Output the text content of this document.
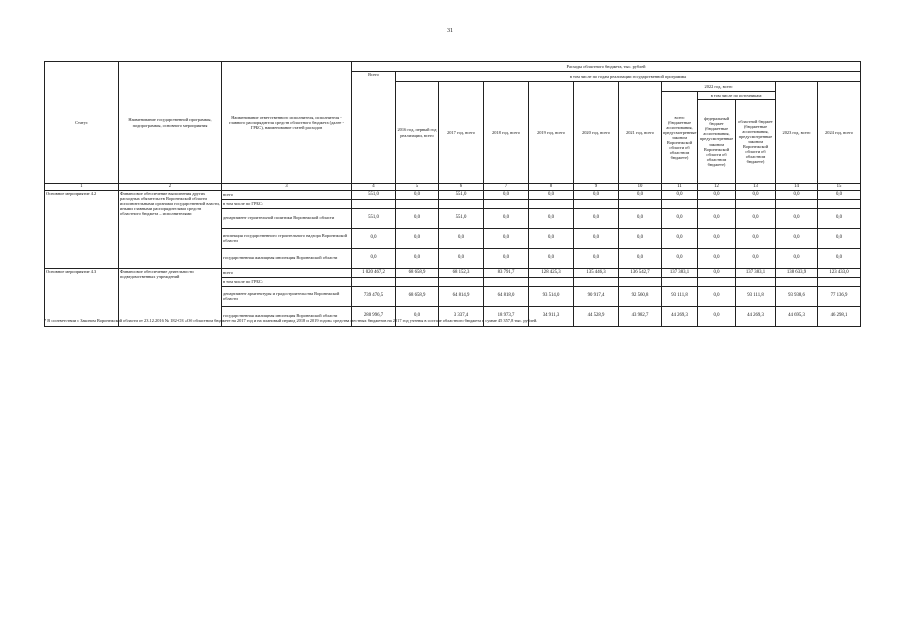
31
Статус	Наименование государственной программы, подпрограммы, основного мероприятия	Наименование ответственного исполнителя, исполнителя - главного распорядителя средств областного бюджета (далее - ГРБС), наименование статей расходов	Расходы областного бюджета, тыс. рублей											
			Всего	в том числе по годам реализации государственной программы										
				2016 год, первый год реализации, всего	2017 год, всего	2018 год, всего	2019 год, всего	2020 год, всего	2021 год, всего	2022 год, всего			2023 год, всего	2024 год, всего
										всего (бюджетные ассигнования, предусмотренные законом Воронежской области об областном бюджете)	в том числе по источникам:			
											федеральный бюджет (бюджетные ассигнования, предусмотренные законом Воронежской области об областном бюджете)	областной бюджет (бюджетные ассигнования, предусмотренные законом Воронежской области об областном бюджете)		
1	2	3	4	5	6	7	8	9	10	11	12	13	14	15
Основное мероприятие 4.2	Финансовое обеспечение выполнения других расходных обязательств Воронежской области исполнительными органами государственной власти, иными главными распорядителями средств областного бюджета – исполнителями	всего	551,0	0,0	551,0	0,0	0,0	0,0	0,0	0,0	0,0	0,0	0,0	0,0
		в том числе по ГРБС:												
		департамент строительной политики Воронежской области	551,0	0,0	551,0	0,0	0,0	0,0	0,0	0,0	0,0	0,0	0,0	0,0
		инспекция государственного строительного надзора Воронежской области	0,0	0,0	0,0	0,0	0,0	0,0	0,0	0,0	0,0	0,0	0,0	0,0
		государственная жилищная инспекция Воронежской области	0,0	0,0	0,0	0,0	0,0	0,0	0,0	0,0	0,0	0,0	0,0	0,0
Основное мероприятие 4.3	Финансовое обеспечение деятельности подведомственных учреждений	всего	1 020 467,2	68 658,9	68 152,3	83 791,7	128 425,3	135 446,3	136 542,7	137 383,1	0,0	137 383,1	138 633,9	123 433,0
		в том числе по ГРБС:												
		департамент архитектуры и градостроительства Воронежской области	739 470,5	68 658,9	64 814,9	64 818,0	93 514,0	90 917,4	92 560,8	93 111,8	0,0	93 111,8	93 938,6	77 136,9
		государственная жилищная инспекция Воронежской области	280 996,7	0,0	3 337,4	18 973,7	34 911,3	44 528,9	43 982,7	44 269,3	0,0	44 269,3	44 695,3	46 298,1
* В соответствии с Законом Воронежской области от 23.12.2016 № 182-ОЗ «Об областном бюджете на 2017 год и на плановый период 2018 и 2019 годов» средства местных бюджетов на 2017 год учтены в составе областного бюджета в сумме 45 357,8 тыс. рублей.
